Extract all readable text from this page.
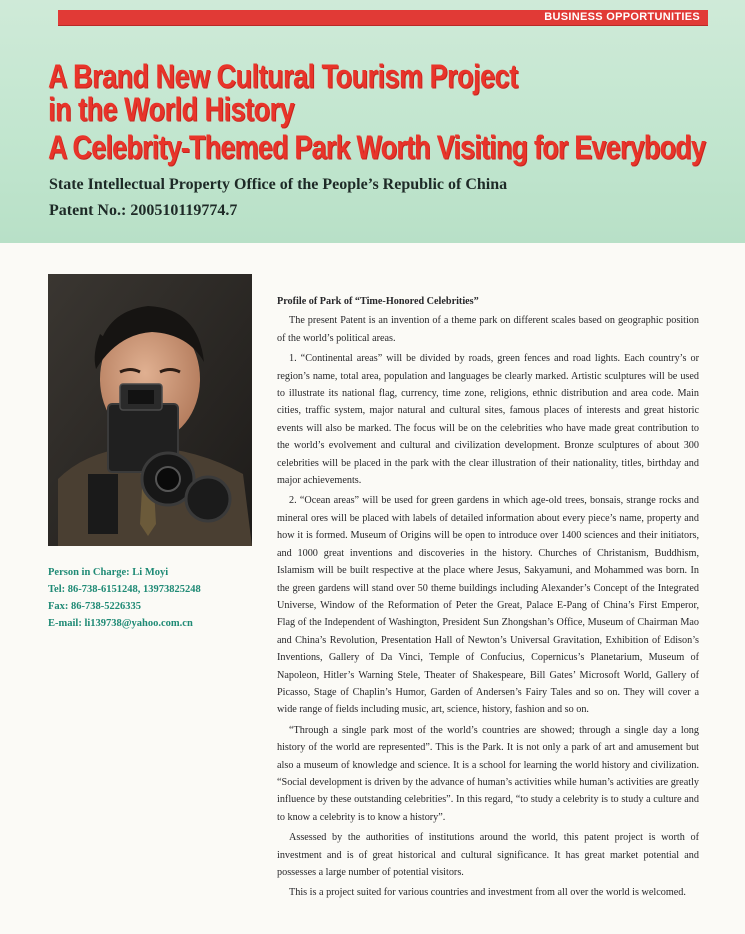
BUSINESS OPPORTUNITIES
A Brand New Cultural Tourism Project
in the World History
A Celebrity-Themed Park Worth Visiting for Everybody
State Intellectual Property Office of the People’s Republic of China
Patent No.: 200510119774.7
Person in Charge: Li Moyi
Tel: 86-738-6151248, 13973825248
Fax: 86-738-5226335
E-mail: li139738@yahoo.com.cn
Profile of Park of “Time-Honored Celebrities”

The present Patent is an invention of a theme park on different scales based on geographic position of the world’s political areas.

1. “Continental areas” will be divided by roads, green fences and road lights. Each country’s or region’s name, total area, population and languages be clearly marked. Artistic sculptures will be used to illustrate its national flag, currency, time zone, religions, ethnic distribution and area code. Main cities, traffic system, major natural and cultural sites, famous places of interests and great historic events will also be marked. The focus will be on the celebrities who have made great contribution to the world’s evolvement and cultural and civilization development. Bronze sculptures of about 300 celebrities will be placed in the park with the clear illustration of their nationality, titles, birthday and major achievements.

2. “Ocean areas” will be used for green gardens in which age-old trees, bonsais, strange rocks and mineral ores will be placed with labels of detailed information about every piece’s name, property and how it is formed. Museum of Origins will be open to introduce over 1400 sciences and their initiators, and 1000 great inventions and discoveries in the history. Churches of Christanism, Buddhism, Islamism will be built respective at the place where Jesus, Sakyamuni, and Mohammed was born. In the green gardens will stand over 50 theme buildings including Alexander’s Concept of the Integrated Universe, Window of the Reformation of Peter the Great, Palace E-Pang of China’s First Emperor, Flag of the Independent of Washington, President Sun Zhongshan’s Office, Museum of Chairman Mao and China’s Revolution, Presentation Hall of Newton’s Universal Gravitation, Exhibition of Edison’s Inventions, Gallery of Da Vinci, Temple of Confucius, Copernicus’s Planetarium, Museum of Napoleon, Hitler’s Warning Stele, Theater of Shakespeare, Bill Gates’ Microsoft World, Gallery of Picasso, Stage of Chaplin’s Humor, Garden of Andersen’s Fairy Tales and so on. They will cover a wide range of fields including music, art, science, history, fashion and so on.

“Through a single park most of the world’s countries are showed; through a single day a long history of the world are represented”. This is the Park. It is not only a park of art and amusement but also a museum of knowledge and science. It is a school for learning the world history and civilization. “Social development is driven by the advance of human’s activities while human’s activities are greatly influence by these outstanding celebrities”. In this regard, “to study a celebrity is to study a culture and to know a celebrity is to know a history”.

Assessed by the authorities of institutions around the world, this patent project is worth of investment and is of great historical and cultural significance. It has great market potential and possesses a large number of potential visitors.

This is a project suited for various countries and investment from all over the world is welcomed.
